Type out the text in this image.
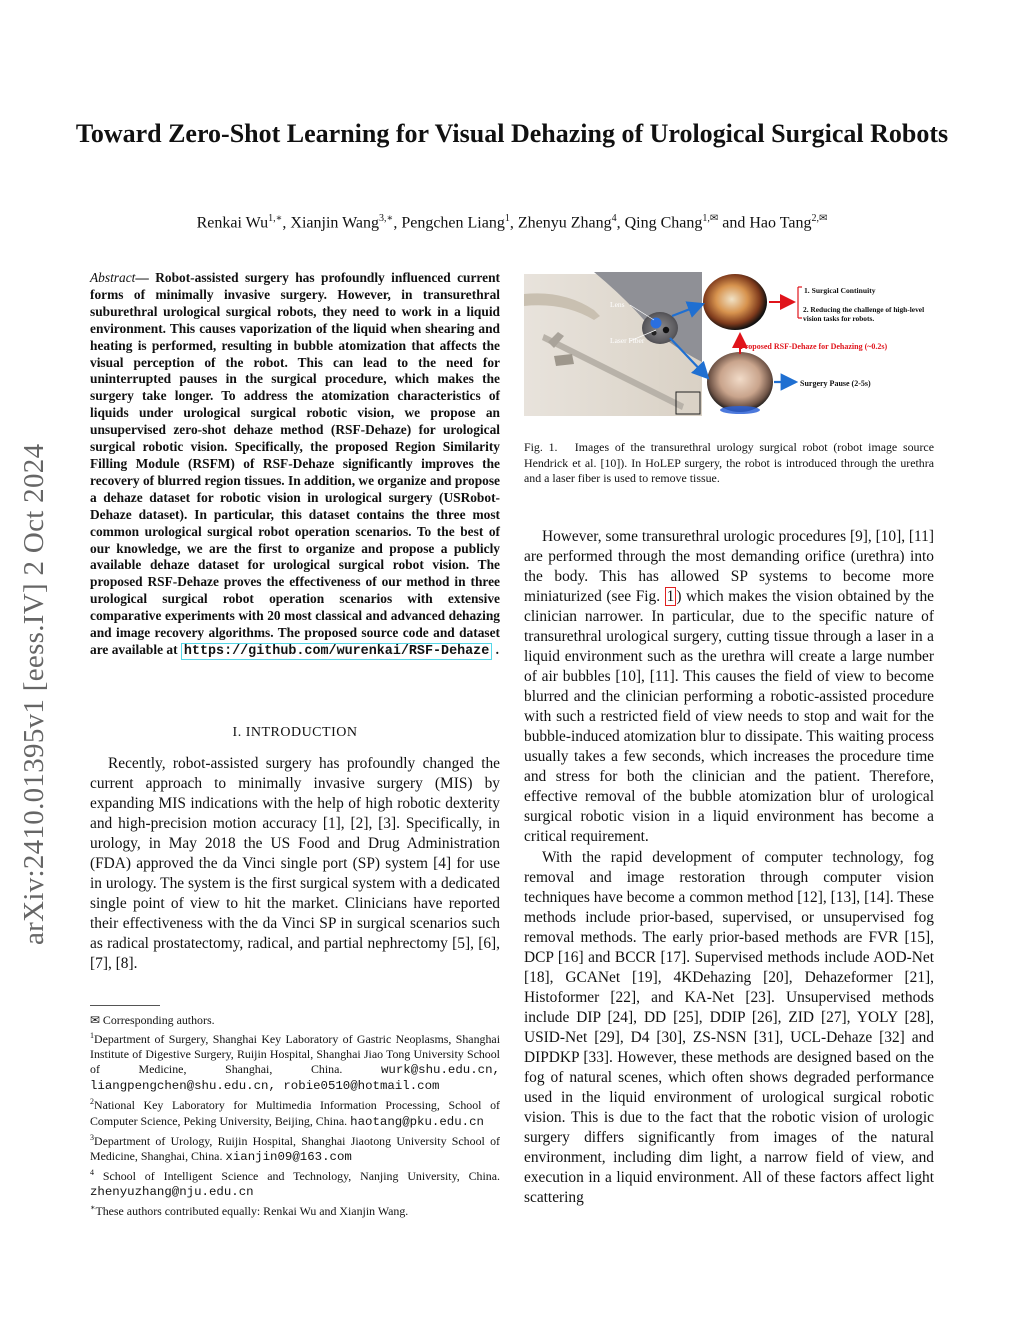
Toward Zero-Shot Learning for Visual Dehazing of Urological Surgical Robots
Renkai $Wu^{1,∗}$, Xianjin Wang$^{3,∗}$, Pengchen Liang$^1$, Zhenyu Zhang$^4$, Qing Chang$^{1,✉}$ and Hao Tang$^{2,✉}$
arXiv:2410.01395v1 [eess.IV] 2 Oct 2024
Abstract— Robot-assisted surgery has profoundly influenced current forms of minimally invasive surgery. However, in transurethral suburethral urological surgical robots, they need to work in a liquid environment. This causes vaporization of the liquid when shearing and heating is performed, resulting in bubble atomization that affects the visual perception of the robot. This can lead to the need for uninterrupted pauses in the surgical procedure, which makes the surgery take longer. To address the atomization characteristics of liquids under urological surgical robotic vision, we propose an unsupervised zero-shot dehaze method (RSF-Dehaze) for urological surgical robotic vision. Specifically, the proposed Region Similarity Filling Module (RSFM) of RSF-Dehaze significantly improves the recovery of blurred region tissues. In addition, we organize and propose a dehaze dataset for robotic vision in urological surgery (USRobot-Dehaze dataset). In particular, this dataset contains the three most common urological surgical robot operation scenarios. To the best of our knowledge, we are the first to organize and propose a publicly available dehaze dataset for urological surgical robot vision. The proposed RSF-Dehaze proves the effectiveness of our method in three urological surgical robot operation scenarios with extensive comparative experiments with 20 most classical and advanced dehazing and image recovery algorithms. The proposed source code and dataset are available at https://github.com/wurenkai/RSF-Dehaze .
I. INTRODUCTION

Recently, robot-assisted surgery has profoundly changed the current approach to minimally invasive surgery (MIS) by expanding MIS indications with the help of high robotic dexterity and high-precision motion accuracy [1], [2], [3]. Specifically, in urology, in May 2018 the US Food and Drug Administration (FDA) approved the da Vinci single port (SP) system [4] for use in urology. The system is the first surgical system with a dedicated single point of view to hit the market. Clinicians have reported their effectiveness with the da Vinci SP in surgical scenarios such as radical prostatectomy, radical, and partial nephrectomy [5], [6], [7], [8].

✉ Corresponding authors.

$^1$Department of Surgery, Shanghai Key Laboratory of Gastric Neoplasms, Shanghai Institute of Digestive Surgery, Ruijin Hospital, Shanghai Jiao Tong University School of Medicine, Shanghai, China.	wurk@shu.edu.cn, liangpengchen@shu.edu.cn, robie0510@hotmail.com

$^2$National Key Laboratory for Multimedia Information Processing, School of Computer Science, Peking University, Beijing, China. haotang@pku.edu.cn

$^3$Department of Urology, Ruijin Hospital, Shanghai Jiaotong University School of Medicine, Shanghai, China. xianjin09@163.com

$^4$ School of Intelligent Science and Technology, Nanjing University, China. zhenyuzhang@nju.edu.cn

∗These authors contributed equally: Renkai Wu and Xianjin Wang.

Lens
Laser Fiber
1. Surgical Continuity
2. Reducing the challenge of high-level vision tasks for robots.
Proposed RSF-Dehaze for Dehazing (~0.2s)
Surgery Pause (2-5s)
Fig. 1. Images of the transurethral urology surgical robot (robot image source Hendrick et al. [10]). In HoLEP surgery, the robot is introduced through the urethra and a laser fiber is used to remove tissue.

However, some transurethral urologic procedures [9], [10], [11] are performed through the most demanding orifice (urethra) into the body. This has allowed SP systems to become more miniaturized (see Fig. 1 ) which makes the vision obtained by the clinician narrower. In particular, due to the specific nature of transurethral urological surgery, cutting tissue through a laser in a liquid environment such as the urethra will create a large number of air bubbles [10], [11]. This causes the field of view to become blurred and the clinician performing a robotic-assisted procedure with such a restricted field of view needs to stop and wait for the bubble-induced atomization blur to dissipate. This waiting process usually takes a few seconds, which increases the procedure time and stress for both the clinician and the patient. Therefore, effective removal of the bubble atomization blur of urological surgical robotic vision in a liquid environment has become a critical requirement.

With the rapid development of computer technology, fog removal and image restoration through computer vision techniques have become a common method [12], [13], [14]. These methods include prior-based, supervised, or unsupervised fog removal methods. The early prior-based methods are FVR [15], DCP [16] and BCCR [17]. Supervised methods include AOD-Net [18], GCANet [19], 4KDehazing [20], Dehazeformer [21], Histoformer [22], and KA-Net [23]. Unsupervised methods include DIP [24], DD [25], DDIP [26], ZID [27], YOLY [28], USID-Net [29], D4 [30], ZS-NSN [31], UCL-Dehaze [32] and DIPDKP [33]. However, these methods are designed based on the fog of natural scenes, which often shows degraded performance used in the liquid environment of urological surgical robotic vision. This is due to the fact that the robotic vision of urologic surgery differs significantly from images of the natural environment, including dim light, a narrow field of view, and execution in a liquid environment. All of these factors affect light scattering
